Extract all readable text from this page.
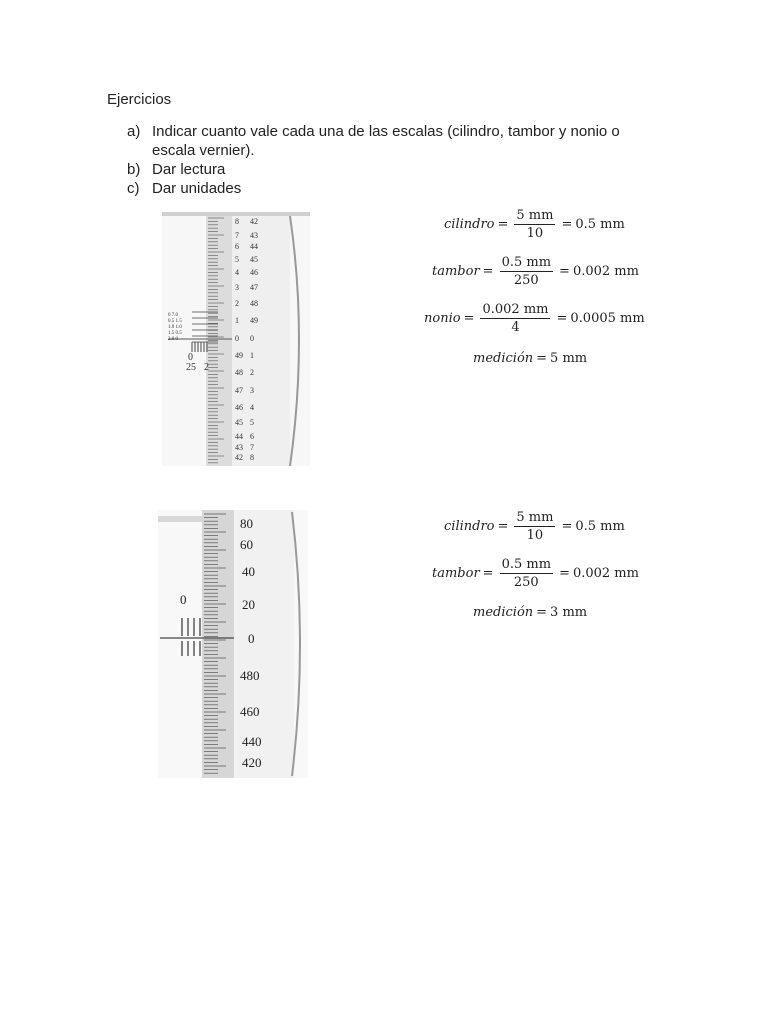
Ejercicios
a) Indicar cuanto vale cada una de las escalas (cilindro, tambor y nonio o escala vernier).
b) Dar lectura
c) Dar unidades
8
7
6
5
4
3
2
1
0
49
48
47
46
45
44
43
42
42
43
44
45
46
47
48
49
0
1
2
3
4
5
6
7
8
0 7.0
0.5 1.5
1.0 1.0
1.5 0.5
2.0 0
0
25 2
80
60
40
20
0
480
460
440
420
0
cilindro = $\frac{5 mm}{10} = 0.5$ mm
tambor = $\frac{0.5 mm}{250} = 0.002$ mm
nonio = $\frac{0.002 mm}{4} = 0.0005$ mm
medición = 5 mm
cilindro = $\frac{5 mm}{10} = 0.5$ mm
tambor = $\frac{0.5 mm}{250} = 0.002$ mm
medición = 3 mm
